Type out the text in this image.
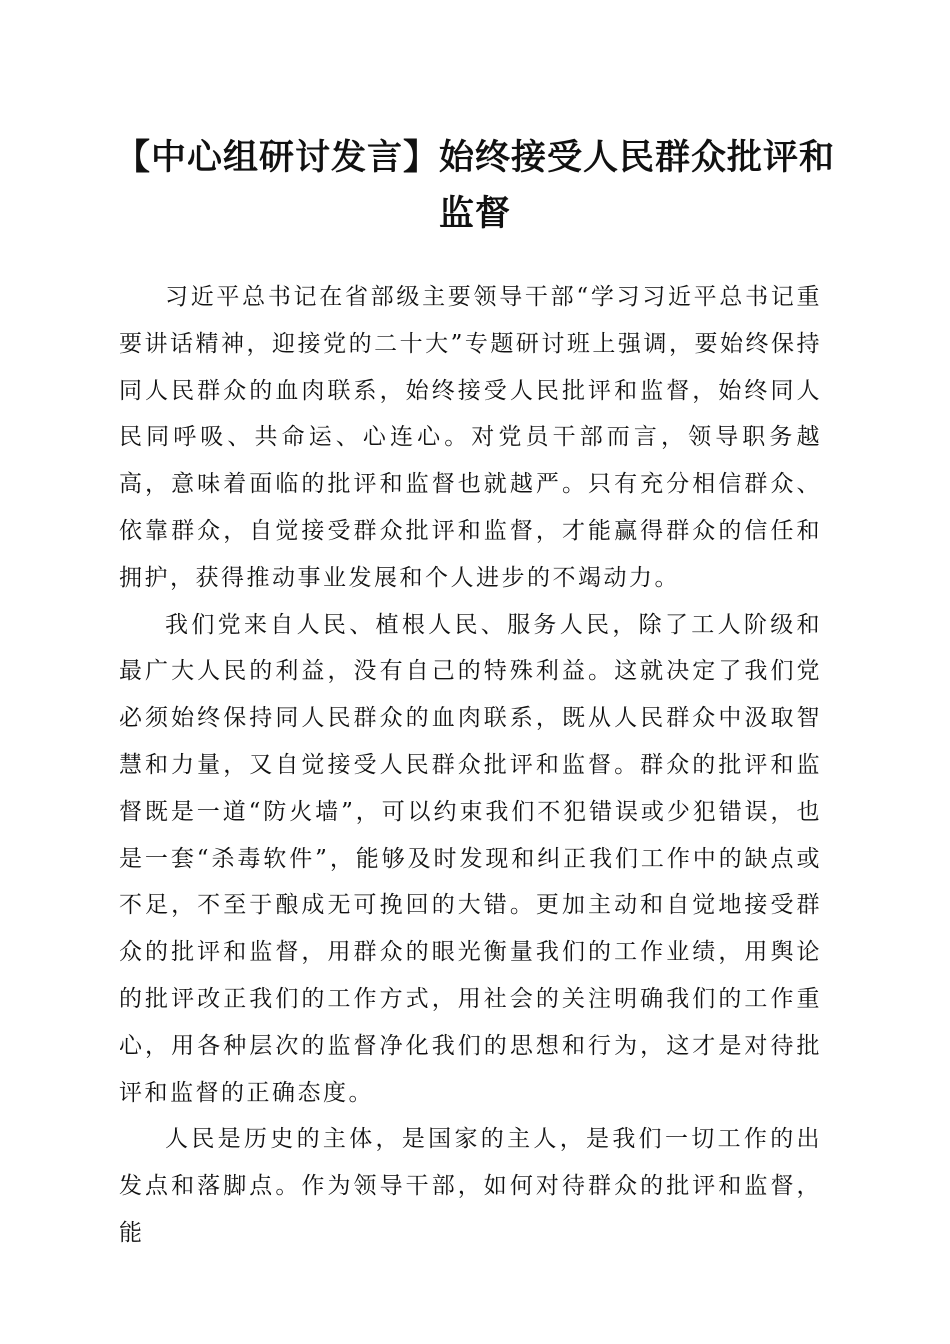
【中心组研讨发言】始终接受人民群众批评和监督

习近平总书记在省部级主要领导干部“学习习近平总书记重要讲话精神，迎接党的二十大”专题研讨班上强调，要始终保持同人民群众的血肉联系，始终接受人民批评和监督，始终同人民同呼吸、共命运、心连心。对党员干部而言，领导职务越高，意味着面临的批评和监督也就越严。只有充分相信群众、依靠群众，自觉接受群众批评和监督，才能赢得群众的信任和拥护，获得推动事业发展和个人进步的不竭动力。

我们党来自人民、植根人民、服务人民，除了工人阶级和最广大人民的利益，没有自己的特殊利益。这就决定了我们党必须始终保持同人民群众的血肉联系，既从人民群众中汲取智慧和力量，又自觉接受人民群众批评和监督。群众的批评和监督既是一道“防火墙”，可以约束我们不犯错误或少犯错误，也是一套“杀毒软件”，能够及时发现和纠正我们工作中的缺点或不足，不至于酿成无可挽回的大错。更加主动和自觉地接受群众的批评和监督，用群众的眼光衡量我们的工作业绩，用舆论的批评改正我们的工作方式，用社会的关注明确我们的工作重心，用各种层次的监督净化我们的思想和行为，这才是对待批评和监督的正确态度。

人民是历史的主体，是国家的主人，是我们一切工作的出发点和落脚点。作为领导干部，如何对待群众的批评和监督，能
